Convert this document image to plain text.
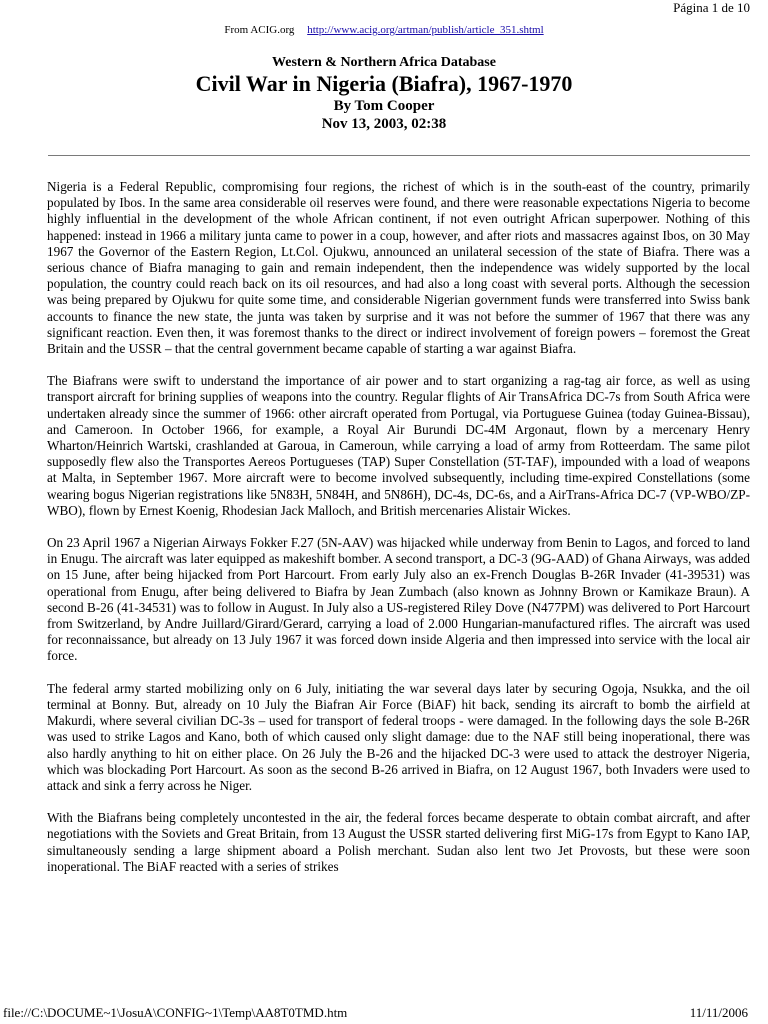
Página 1 de 10
From ACIG.org http://www.acig.org/artman/publish/article_351.shtml
Western & Northern Africa Database
Civil War in Nigeria (Biafra), 1967-1970
By Tom Cooper
Nov 13, 2003, 02:38

Nigeria is a Federal Republic, compromising four regions, the richest of which is in the south-east of the country, primarily populated by Ibos. In the same area considerable oil reserves were found, and there were reasonable expectations Nigeria to become highly influential in the development of the whole African continent, if not even outright African superpower. Nothing of this happened: instead in 1966 a military junta came to power in a coup, however, and after riots and massacres against Ibos, on 30 May 1967 the Governor of the Eastern Region, Lt.Col. Ojukwu, announced an unilateral secession of the state of Biafra. There was a serious chance of Biafra managing to gain and remain independent, then the independence was widely supported by the local population, the country could reach back on its oil resources, and had also a long coast with several ports. Although the secession was being prepared by Ojukwu for quite some time, and considerable Nigerian government funds were transferred into Swiss bank accounts to finance the new state, the junta was taken by surprise and it was not before the summer of 1967 that there was any significant reaction. Even then, it was foremost thanks to the direct or indirect involvement of foreign powers – foremost the Great Britain and the USSR – that the central government became capable of starting a war against Biafra.

The Biafrans were swift to understand the importance of air power and to start organizing a rag-tag air force, as well as using transport aircraft for brining supplies of weapons into the country. Regular flights of Air TransAfrica DC-7s from South Africa were undertaken already since the summer of 1966: other aircraft operated from Portugal, via Portuguese Guinea (today Guinea-Bissau), and Cameroon. In October 1966, for example, a Royal Air Burundi DC-4M Argonaut, flown by a mercenary Henry Wharton/Heinrich Wartski, crashlanded at Garoua, in Cameroun, while carrying a load of army from Rotteerdam. The same pilot supposedly flew also the Transportes Aereos Portugueses (TAP) Super Constellation (5T-TAF), impounded with a load of weapons at Malta, in September 1967. More aircraft were to become involved subsequently, including time-expired Constellations (some wearing bogus Nigerian registrations like 5N83H, 5N84H, and 5N86H), DC-4s, DC-6s, and a AirTrans-Africa DC-7 (VP-WBO/ZP-WBO), flown by Ernest Koenig, Rhodesian Jack Malloch, and British mercenaries Alistair Wickes.

On 23 April 1967 a Nigerian Airways Fokker F.27 (5N-AAV) was hijacked while underway from Benin to Lagos, and forced to land in Enugu. The aircraft was later equipped as makeshift bomber. A second transport, a DC-3 (9G-AAD) of Ghana Airways, was added on 15 June, after being hijacked from Port Harcourt. From early July also an ex-French Douglas B-26R Invader (41-39531) was operational from Enugu, after being delivered to Biafra by Jean Zumbach (also known as Johnny Brown or Kamikaze Braun). A second B-26 (41-34531) was to follow in August. In July also a US-registered Riley Dove (N477PM) was delivered to Port Harcourt from Switzerland, by Andre Juillard/Girard/Gerard, carrying a load of 2.000 Hungarian-manufactured rifles. The aircraft was used for reconnaissance, but already on 13 July 1967 it was forced down inside Algeria and then impressed into service with the local air force.

The federal army started mobilizing only on 6 July, initiating the war several days later by securing Ogoja, Nsukka, and the oil terminal at Bonny. But, already on 10 July the Biafran Air Force (BiAF) hit back, sending its aircraft to bomb the airfield at Makurdi, where several civilian DC-3s – used for transport of federal troops - were damaged. In the following days the sole B-26R was used to strike Lagos and Kano, both of which caused only slight damage: due to the NAF still being inoperational, there was also hardly anything to hit on either place. On 26 July the B-26 and the hijacked DC-3 were used to attack the destroyer Nigeria, which was blockading Port Harcourt. As soon as the second B-26 arrived in Biafra, on 12 August 1967, both Invaders were used to attack and sink a ferry across he Niger.

With the Biafrans being completely uncontested in the air, the federal forces became desperate to obtain combat aircraft, and after negotiations with the Soviets and Great Britain, from 13 August the USSR started delivering first MiG-17s from Egypt to Kano IAP, simultaneously sending a large shipment aboard a Polish merchant. Sudan also lent two Jet Provosts, but these were soon inoperational. The BiAF reacted with a series of strikes

file://C:\DOCUME~1\JosuA\CONFIG~1\Temp\AA8T0TMD.htm	11/11/2006
